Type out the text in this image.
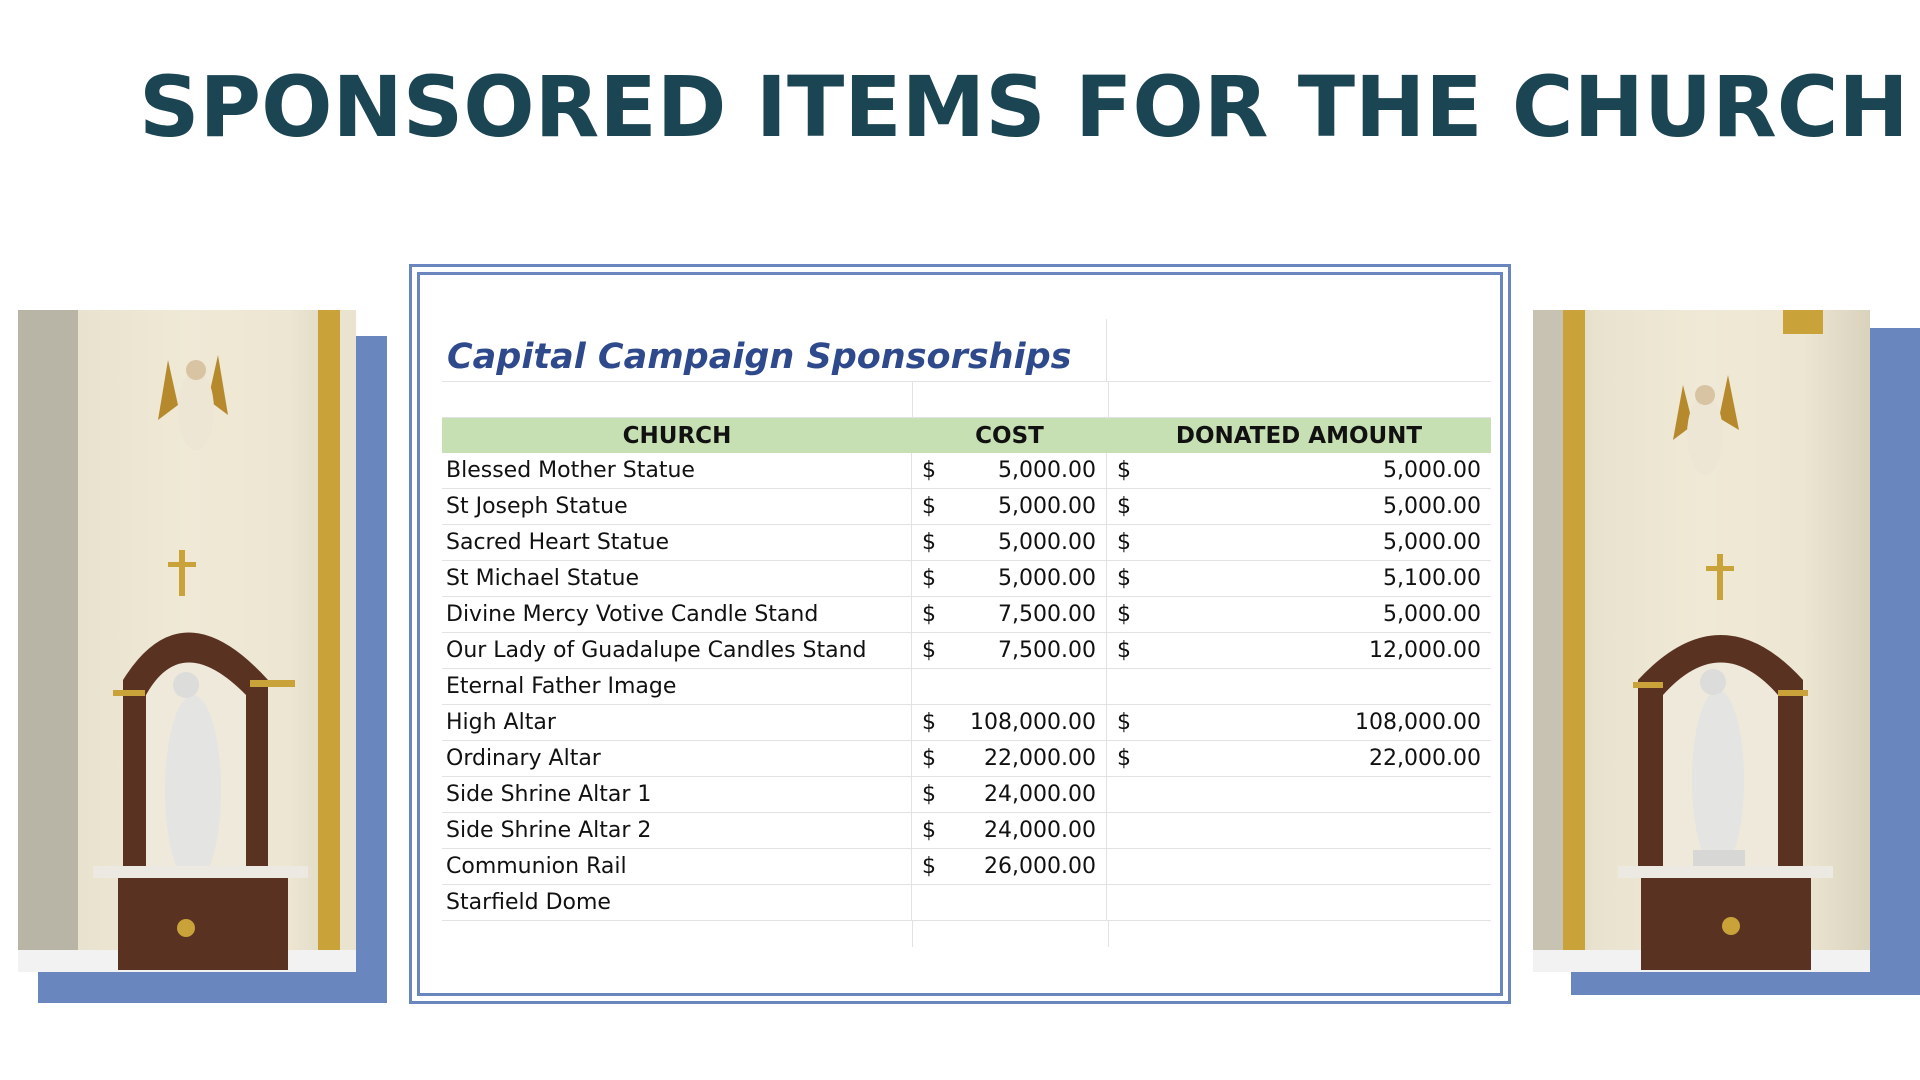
SPONSORED ITEMS FOR THE CHURCH
Capital Campaign Sponsorships
CHURCH	COST	DONATED AMOUNT
Blessed Mother Statue	$	5,000.00 $	5,000.00
St Joseph Statue	$	5,000.00 $	5,000.00
Sacred Heart Statue	$	5,000.00 $	5,000.00
St Michael Statue	$	5,000.00 $	5,100.00
Divine Mercy Votive Candle Stand	$	7,500.00 $	5,000.00
Our Lady of Guadalupe Candles Stand	$	7,500.00 $	12,000.00
Eternal Father Image
High Altar	$ 108,000.00 $	108,000.00
Ordinary Altar	$ 22,000.00 $	22,000.00
Side Shrine Altar 1	$ 24,000.00
Side Shrine Altar 2	$ 24,000.00
Communion Rail	$ 26,000.00
Starfield Dome
